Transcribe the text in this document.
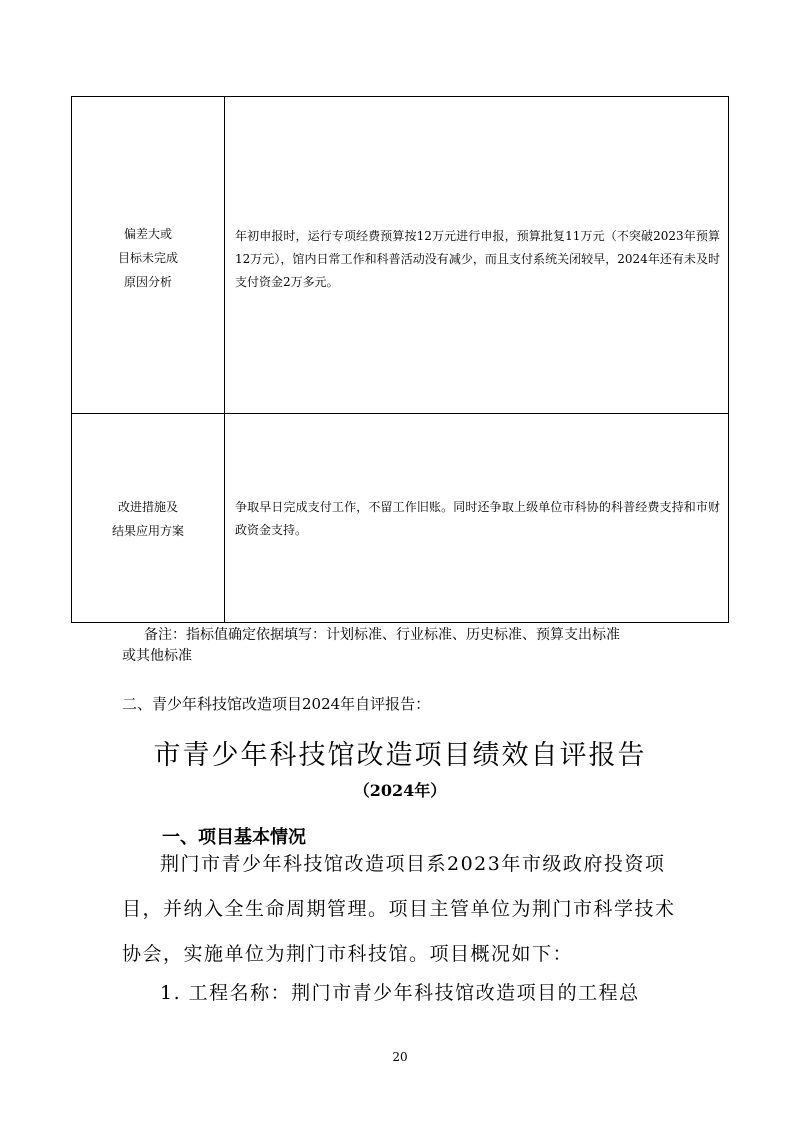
偏差大或
目标未完成
原因分析
年初申报时，运行专项经费预算按12万元进行申报，预算批复11万元（不突破2023年预算12万元），馆内日常工作和科普活动没有减少，而且支付系统关闭较早，2024年还有未及时支付资金2万多元。
改进措施及
结果应用方案
争取早日完成支付工作，不留工作旧账。同时还争取上级单位市科协的科普经费支持和市财政资金支持。
备注：指标值确定依据填写：计划标准、行业标准、历史标准、预算支出标准
或其他标准
二、青少年科技馆改造项目2024年自评报告：
市青少年科技馆改造项目绩效自评报告
（2024年）
一、项目基本情况
荆门市青少年科技馆改造项目系2023年市级政府投资项目，并纳入全生命周期管理。项目主管单位为荆门市科学技术协会，实施单位为荆门市科技馆。项目概况如下：
1. 工程名称：荆门市青少年科技馆改造项目的工程总
20
